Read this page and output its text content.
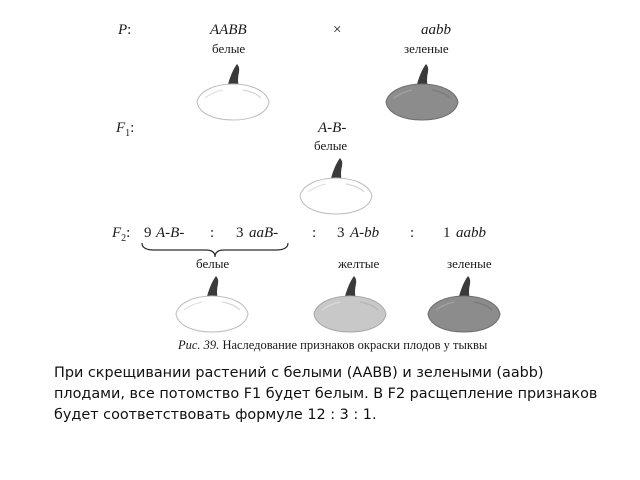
P:	AABB
белые
×	aabb
зеленые
$F_1$:	A-B-
белые
$F_2$: 9 A-B- : 3 aaB- : 3 A-bb : 1 aabb
белые	желтые	зеленые
Рис. 39. Наследование признаков окраски плодов у тыквы
При скрещивании растений с белыми (AABB) и зелеными (aabb) плодами, все потомство F1 будет белым. В F2 расщепление признаков будет соответствовать формуле 12 : 3 : 1.
